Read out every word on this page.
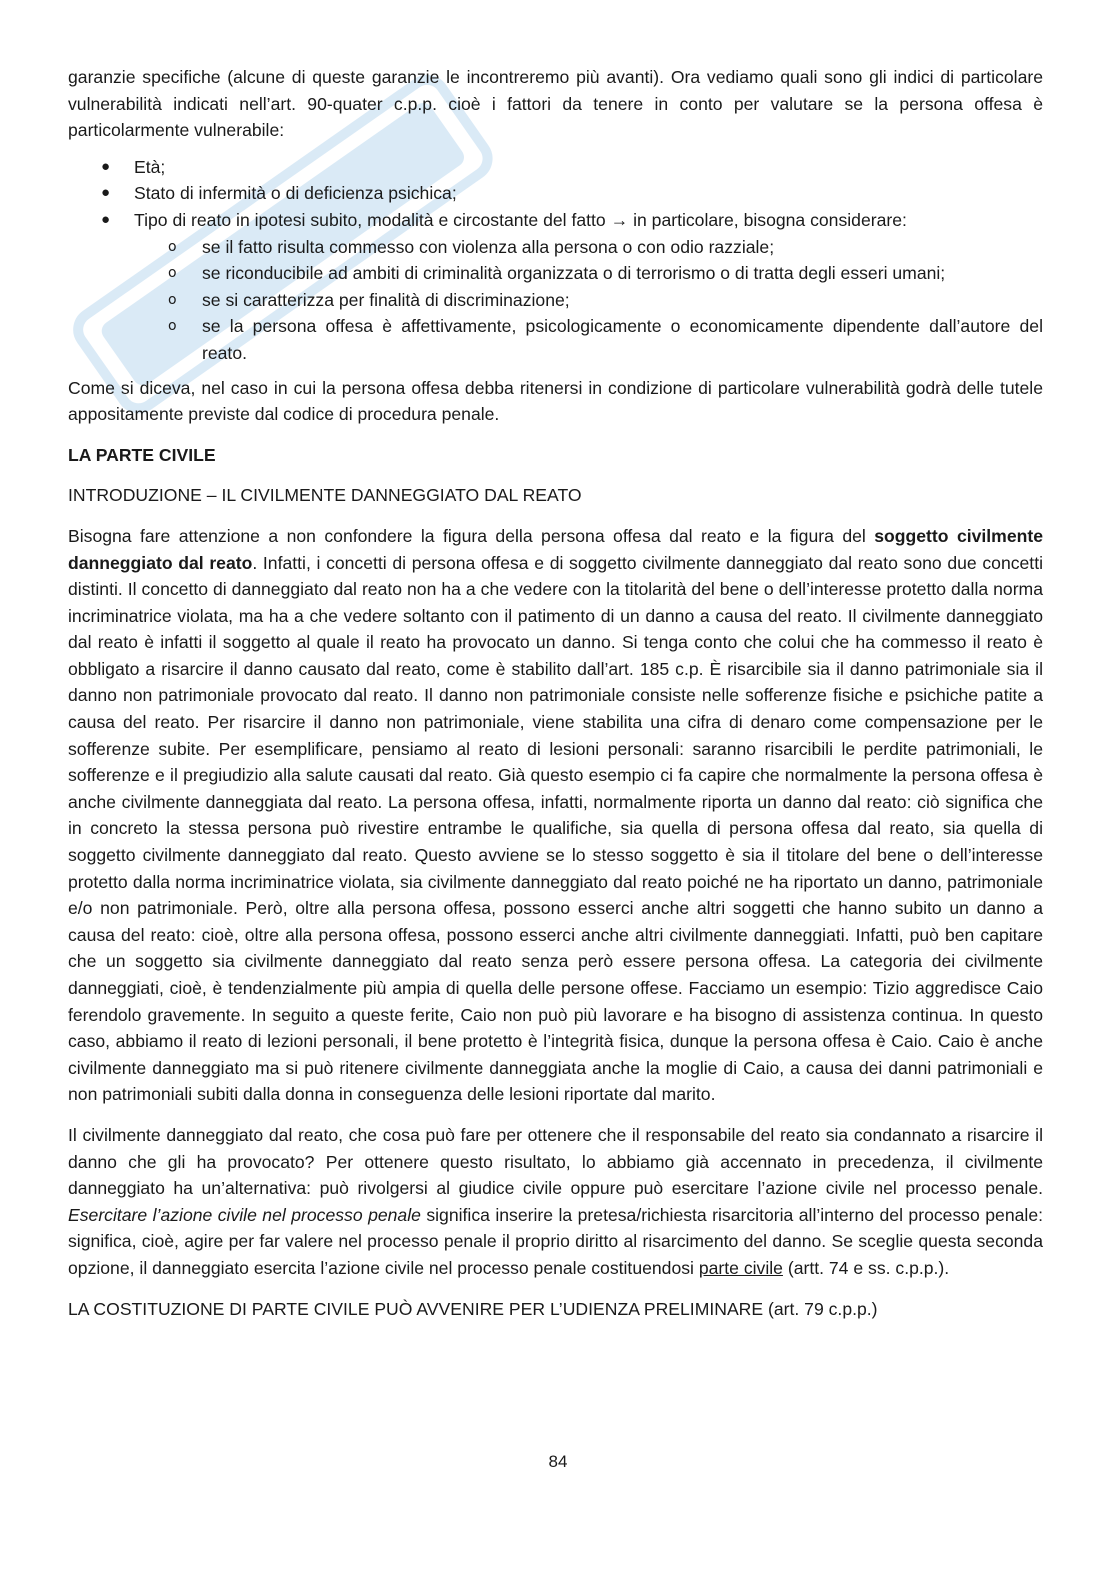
garanzie specifiche (alcune di queste garanzie le incontreremo più avanti). Ora vediamo quali sono gli indici di particolare vulnerabilità indicati nell’art. 90-quater c.p.p. cioè i fattori da tenere in conto per valutare se la persona offesa è particolarmente vulnerabile:

● Età;
● Stato di infermità o di deficienza psichica;
● Tipo di reato in ipotesi subito, modalità e circostante del fatto → in particolare, bisogna considerare:
o se il fatto risulta commesso con violenza alla persona o con odio razziale;
o se riconducibile ad ambiti di criminalità organizzata o di terrorismo o di tratta degli esseri umani;
o se si caratterizza per finalità di discriminazione;
o se la persona offesa è affettivamente, psicologicamente o economicamente dipendente dall’autore del reato.

Come si diceva, nel caso in cui la persona offesa debba ritenersi in condizione di particolare vulnerabilità godrà delle tutele appositamente previste dal codice di procedura penale.

LA PARTE CIVILE

INTRODUZIONE – IL CIVILMENTE DANNEGGIATO DAL REATO

Bisogna fare attenzione a non confondere la figura della persona offesa dal reato e la figura del soggetto civilmente danneggiato dal reato. Infatti, i concetti di persona offesa e di soggetto civilmente danneggiato dal reato sono due concetti distinti. Il concetto di danneggiato dal reato non ha a che vedere con la titolarità del bene o dell’interesse protetto dalla norma incriminatrice violata, ma ha a che vedere soltanto con il patimento di un danno a causa del reato. Il civilmente danneggiato dal reato è infatti il soggetto al quale il reato ha provocato un danno. Si tenga conto che colui che ha commesso il reato è obbligato a risarcire il danno causato dal reato, come è stabilito dall’art. 185 c.p. È risarcibile sia il danno patrimoniale sia il danno non patrimoniale provocato dal reato. Il danno non patrimoniale consiste nelle sofferenze fisiche e psichiche patite a causa del reato. Per risarcire il danno non patrimoniale, viene stabilita una cifra di denaro come compensazione per le sofferenze subite. Per esemplificare, pensiamo al reato di lesioni personali: saranno risarcibili le perdite patrimoniali, le sofferenze e il pregiudizio alla salute causati dal reato. Già questo esempio ci fa capire che normalmente la persona offesa è anche civilmente danneggiata dal reato. La persona offesa, infatti, normalmente riporta un danno dal reato: ciò significa che in concreto la stessa persona può rivestire entrambe le qualifiche, sia quella di persona offesa dal reato, sia quella di soggetto civilmente danneggiato dal reato. Questo avviene se lo stesso soggetto è sia il titolare del bene o dell’interesse protetto dalla norma incriminatrice violata, sia civilmente danneggiato dal reato poiché ne ha riportato un danno, patrimoniale e/o non patrimoniale. Però, oltre alla persona offesa, possono esserci anche altri soggetti che hanno subito un danno a causa del reato: cioè, oltre alla persona offesa, possono esserci anche altri civilmente danneggiati. Infatti, può ben capitare che un soggetto sia civilmente danneggiato dal reato senza però essere persona offesa. La categoria dei civilmente danneggiati, cioè, è tendenzialmente più ampia di quella delle persone offese. Facciamo un esempio: Tizio aggredisce Caio ferendolo gravemente. In seguito a queste ferite, Caio non può più lavorare e ha bisogno di assistenza continua. In questo caso, abbiamo il reato di lezioni personali, il bene protetto è l’integrità fisica, dunque la persona offesa è Caio. Caio è anche civilmente danneggiato ma si può ritenere civilmente danneggiata anche la moglie di Caio, a causa dei danni patrimoniali e non patrimoniali subiti dalla donna in conseguenza delle lesioni riportate dal marito.

Il civilmente danneggiato dal reato, che cosa può fare per ottenere che il responsabile del reato sia condannato a risarcire il danno che gli ha provocato? Per ottenere questo risultato, lo abbiamo già accennato in precedenza, il civilmente danneggiato ha un’alternativa: può rivolgersi al giudice civile oppure può esercitare l’azione civile nel processo penale. Esercitare l’azione civile nel processo penale significa inserire la pretesa/richiesta risarcitoria all’interno del processo penale: significa, cioè, agire per far valere nel processo penale il proprio diritto al risarcimento del danno. Se sceglie questa seconda opzione, il danneggiato esercita l’azione civile nel processo penale costituendosi parte civile (artt. 74 e ss. c.p.p.).

LA COSTITUZIONE DI PARTE CIVILE PUÒ AVVENIRE PER L’UDIENZA PRELIMINARE (art. 79 c.p.p.)

84
